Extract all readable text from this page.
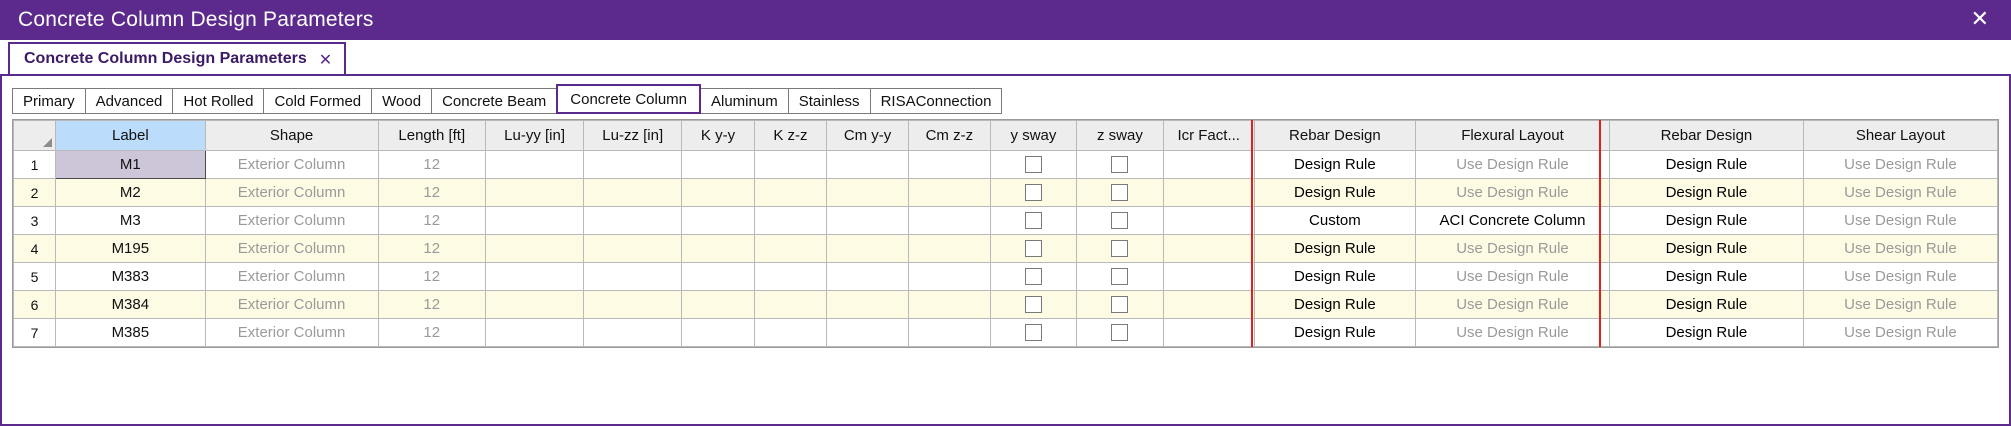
Concrete Column Design Parameters	✕
Concrete Column Design Parameters ✕
Primary Advanced Hot Rolled Cold Formed Wood Concrete Beam Concrete Column Aluminum Stainless RISAConnection
	Label	Shape	Length [ft]	Lu-yy [in]	Lu-zz [in]	K y-y	K z-z	Cm y-y	Cm z-z	y sway	z sway	Icr Fact...	Rebar Design	Flexural Layout	Rebar Design	Shear Layout
1	M1	Exterior Column	12										Design Rule	Use Design Rule	Design Rule	Use Design Rule
2	M2	Exterior Column	12										Design Rule	Use Design Rule	Design Rule	Use Design Rule
3	M3	Exterior Column	12										Custom	ACI Concrete Column	Design Rule	Use Design Rule
4	M195	Exterior Column	12										Design Rule	Use Design Rule	Design Rule	Use Design Rule
5	M383	Exterior Column	12										Design Rule	Use Design Rule	Design Rule	Use Design Rule
6	M384	Exterior Column	12										Design Rule	Use Design Rule	Design Rule	Use Design Rule
7	M385	Exterior Column	12										Design Rule	Use Design Rule	Design Rule	Use Design Rule
